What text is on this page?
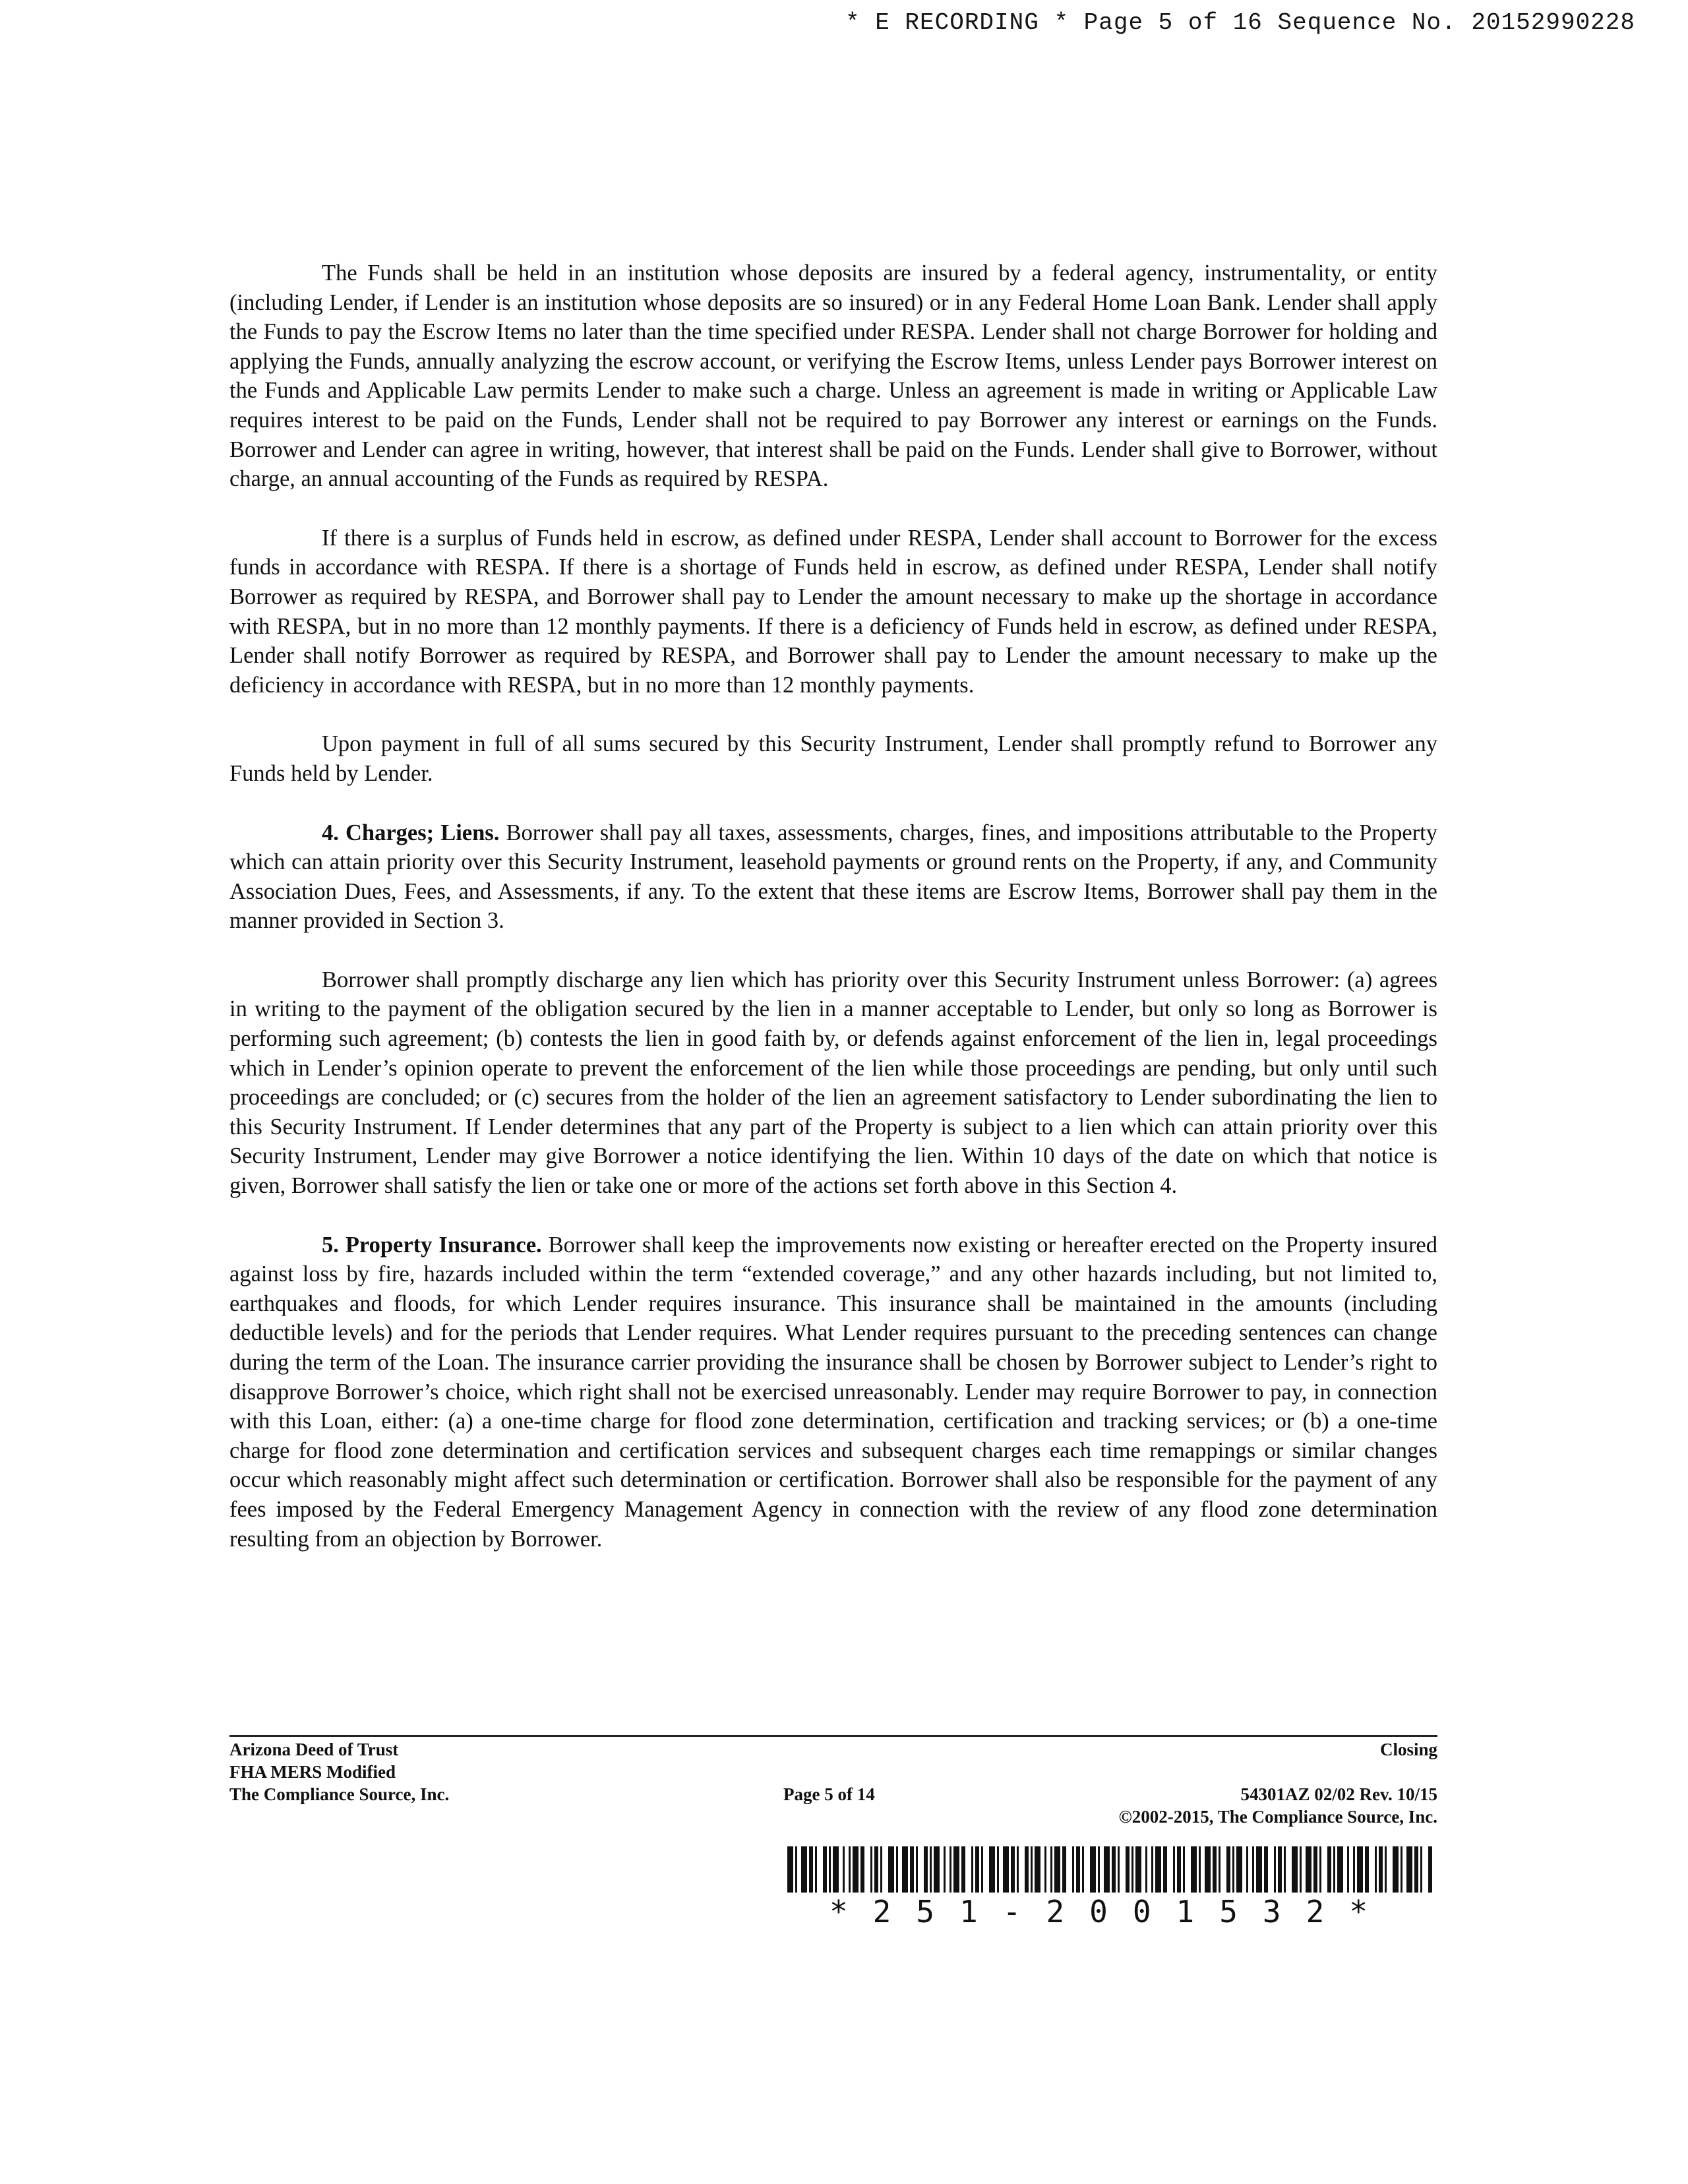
* E RECORDING * Page 5 of 16 Sequence No. 20152990228

The Funds shall be held in an institution whose deposits are insured by a federal agency, instrumentality, or entity (including Lender, if Lender is an institution whose deposits are so insured) or in any Federal Home Loan Bank. Lender shall apply the Funds to pay the Escrow Items no later than the time specified under RESPA. Lender shall not charge Borrower for holding and applying the Funds, annually analyzing the escrow account, or verifying the Escrow Items, unless Lender pays Borrower interest on the Funds and Applicable Law permits Lender to make such a charge. Unless an agreement is made in writing or Applicable Law requires interest to be paid on the Funds, Lender shall not be required to pay Borrower any interest or earnings on the Funds. Borrower and Lender can agree in writing, however, that interest shall be paid on the Funds. Lender shall give to Borrower, without charge, an annual accounting of the Funds as required by RESPA.

If there is a surplus of Funds held in escrow, as defined under RESPA, Lender shall account to Borrower for the excess funds in accordance with RESPA. If there is a shortage of Funds held in escrow, as defined under RESPA, Lender shall notify Borrower as required by RESPA, and Borrower shall pay to Lender the amount necessary to make up the shortage in accordance with RESPA, but in no more than 12 monthly payments. If there is a deficiency of Funds held in escrow, as defined under RESPA, Lender shall notify Borrower as required by RESPA, and Borrower shall pay to Lender the amount necessary to make up the deficiency in accordance with RESPA, but in no more than 12 monthly payments.

Upon payment in full of all sums secured by this Security Instrument, Lender shall promptly refund to Borrower any Funds held by Lender.

4. Charges; Liens. Borrower shall pay all taxes, assessments, charges, fines, and impositions attributable to the Property which can attain priority over this Security Instrument, leasehold payments or ground rents on the Property, if any, and Community Association Dues, Fees, and Assessments, if any. To the extent that these items are Escrow Items, Borrower shall pay them in the manner provided in Section 3.

Borrower shall promptly discharge any lien which has priority over this Security Instrument unless Borrower: (a) agrees in writing to the payment of the obligation secured by the lien in a manner acceptable to Lender, but only so long as Borrower is performing such agreement; (b) contests the lien in good faith by, or defends against enforcement of the lien in, legal proceedings which in Lender’s opinion operate to prevent the enforcement of the lien while those proceedings are pending, but only until such proceedings are concluded; or (c) secures from the holder of the lien an agreement satisfactory to Lender subordinating the lien to this Security Instrument. If Lender determines that any part of the Property is subject to a lien which can attain priority over this Security Instrument, Lender may give Borrower a notice identifying the lien. Within 10 days of the date on which that notice is given, Borrower shall satisfy the lien or take one or more of the actions set forth above in this Section 4.

5. Property Insurance. Borrower shall keep the improvements now existing or hereafter erected on the Property insured against loss by fire, hazards included within the term “extended coverage,” and any other hazards including, but not limited to, earthquakes and floods, for which Lender requires insurance. This insurance shall be maintained in the amounts (including deductible levels) and for the periods that Lender requires. What Lender requires pursuant to the preceding sentences can change during the term of the Loan. The insurance carrier providing the insurance shall be chosen by Borrower subject to Lender’s right to disapprove Borrower’s choice, which right shall not be exercised unreasonably. Lender may require Borrower to pay, in connection with this Loan, either: (a) a one-time charge for flood zone determination, certification and tracking services; or (b) a one-time charge for flood zone determination and certification services and subsequent charges each time remappings or similar changes occur which reasonably might affect such determination or certification. Borrower shall also be responsible for the payment of any fees imposed by the Federal Emergency Management Agency in connection with the review of any flood zone determination resulting from an objection by Borrower.

Arizona Deed of Trust
FHA MERS Modified
The Compliance Source, Inc.	Page 5 of 14
Closing

54301AZ 02/02 Rev. 10/15
©2002-2015, The Compliance Source, Inc.
*251-2001532*
